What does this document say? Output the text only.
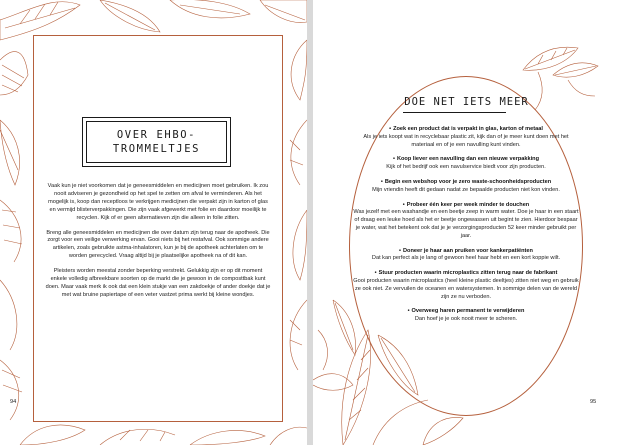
OVER EHBO-
TROMMELTJES

Vaak kun je niet voorkomen dat je geneesmiddelen en medicijnen moet gebruiken. Ik zou nooit adviseren je gezondheid op het spel te zetten om afval te verminderen. Als het mogelijk is, koop dan receptloos te verkrijgen medicijnen die verpakt zijn in karton of glas en vermijd blisterverpakkingen. Die zijn vaak afgewerkt met folie en daardoor moeilijk te recyclen. Kijk of er geen alternatieven zijn die alleen in folie zitten.

Breng alle geneesmiddelen en medicijnen die over datum zijn terug naar de apotheek. Die zorgt voor een veilige verwerking ervan. Gooi niets bij het restafval. Ook sommige andere artikelen, zoals gebruikte astma-inhalatoren, kun je bij de apotheek achterlaten om te worden gerecycled. Vraag altijd bij je plaatselijke apotheek na of dit kan.

Pleisters worden meestal zonder beperking verstrekt. Gelukkig zijn er op dit moment enkele volledig afbreekbare soorten op de markt die je gewoon in de composttbak kunt doen. Maar vaak merk ik ook dat een klein stukje van een zakdoekje of ander doekje dat je met wat bruine papiertape of een veter vastzet prima werkt bij kleine wondjes.

94
DOE NET IETS MEER
• Zoek een product dat is verpakt in glas, karton of metaal
Als je iets koopt wat in recyclebaar plastic zit, kijk dan of je meer kunt doen met het materiaal en of je een navulling kunt vinden.
• Koop liever een navulling dan een nieuwe verpakking
Kijk of het bedrijf ook een navulservice biedt voor zijn producten.
• Begin een webshop voor je zero waste-schoonheidsproducten
Mijn vriendin heeft dit gedaan nadat ze bepaalde producten niet kon vinden.
• Probeer één keer per week minder te douchen
Was jezelf met een washandje en een beetje zeep in warm water. Doe je haar in een staart of draag een leuke hoed als het er beetje ongewassen uit begint te zien. Hierdoor bespaar je water, wat het betekent ook dat je je verzorgingsproducten 52 keer minder gebruikt per jaar.
• Doneer je haar aan pruiken voor kankerpatiënten
Dat kan perfect als je lang of gewoon heel haar hebt en een kort koppie wilt.
• Stuur producten waarin microplastics zitten terug naar de fabrikant
Gooi producten waarin microplastics (heel kleine plastic deeltjes) zitten niet weg en gebruik ze ook niet. Ze vervuilen de oceanen en watersystemen. In sommige delen van de wereld zijn ze nu verboden.
• Overweeg haren permanent te verwijderen
Dan hoef je je ook nooit meer te scheren.
95
